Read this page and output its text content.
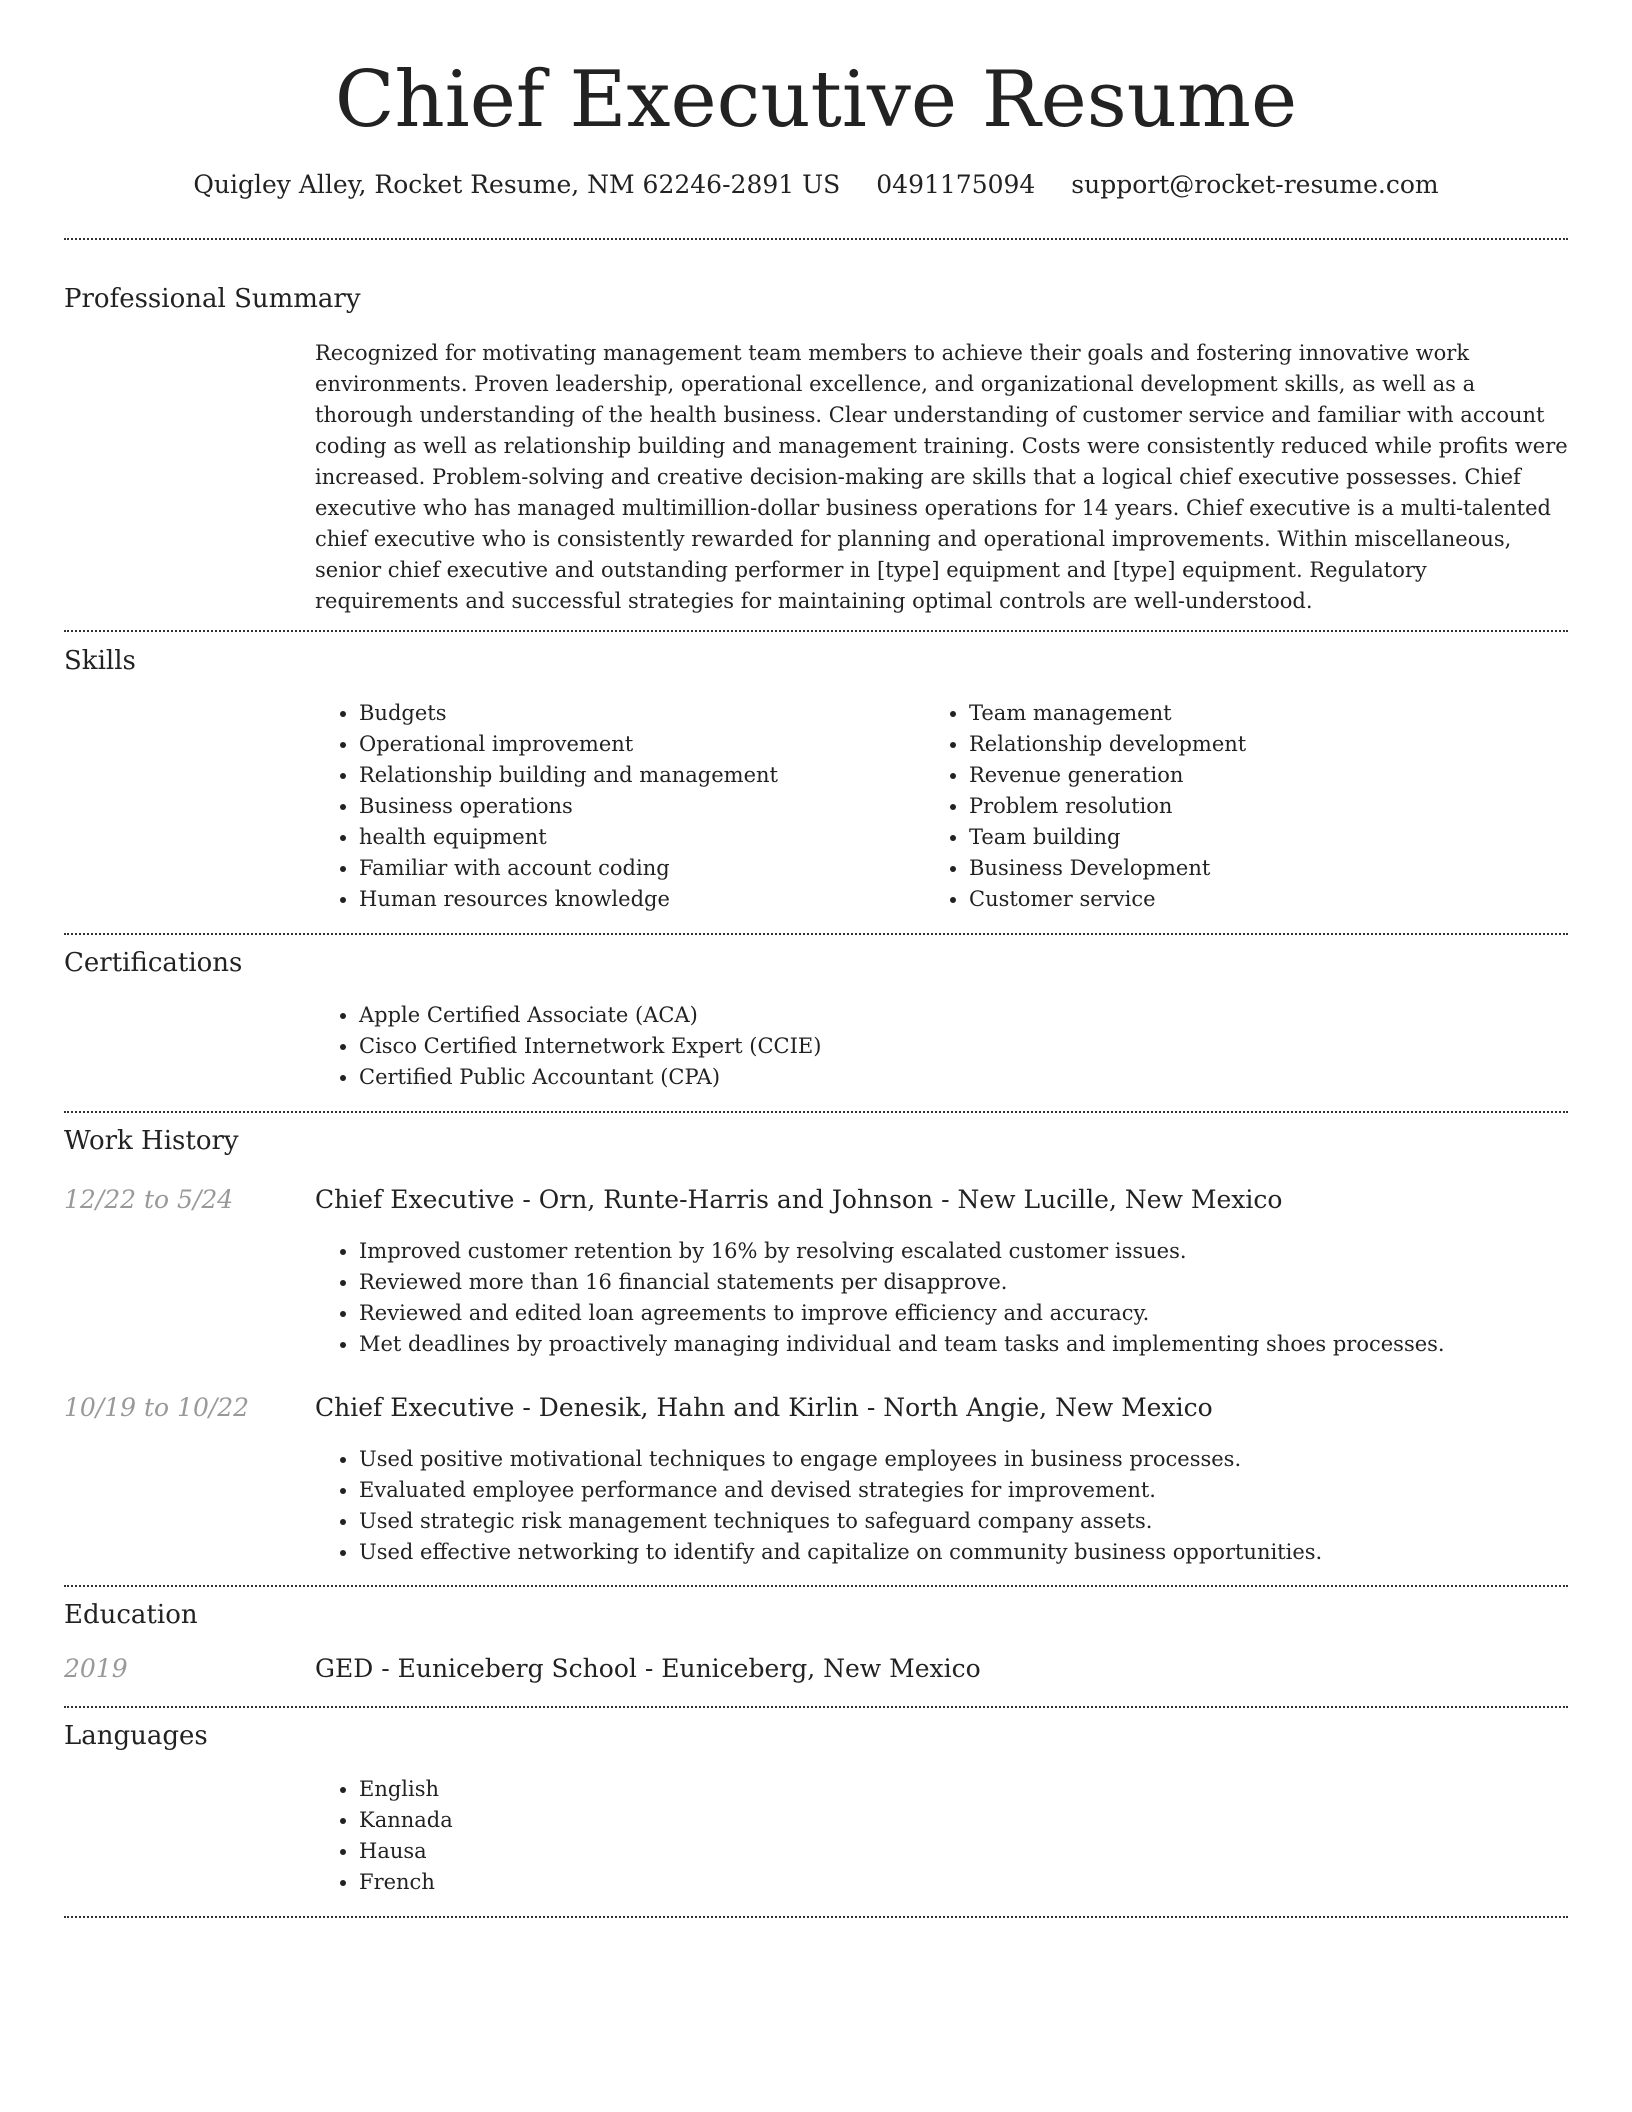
Chief Executive Resume
Quigley Alley, Rocket Resume, NM 62246-2891 US 0491175094 support@rocket-resume.com
Professional Summary
Recognized for motivating management team members to achieve their goals and fostering innovative work environments. Proven leadership, operational excellence, and organizational development skills, as well as a thorough understanding of the health business. Clear understanding of customer service and familiar with account coding as well as relationship building and management training. Costs were consistently reduced while profits were increased. Problem-solving and creative decision-making are skills that a logical chief executive possesses. Chief executive who has managed multimillion-dollar business operations for 14 years. Chief executive is a multi-talented chief executive who is consistently rewarded for planning and operational improvements. Within miscellaneous, senior chief executive and outstanding performer in [type] equipment and [type] equipment. Regulatory requirements and successful strategies for maintaining optimal controls are well-understood.
Skills
• Budgets
• Operational improvement
• Relationship building and management
• Business operations
• health equipment
• Familiar with account coding
• Human resources knowledge
• Team management
• Relationship development
• Revenue generation
• Problem resolution
• Team building
• Business Development
• Customer service
Certifications
• Apple Certified Associate (ACA)
• Cisco Certified Internetwork Expert (CCIE)
• Certified Public Accountant (CPA)
Work History
12/22 to 5/24	Chief Executive - Orn, Runte-Harris and Johnson - New Lucille, New Mexico
• Improved customer retention by 16% by resolving escalated customer issues.
• Reviewed more than 16 financial statements per disapprove.
• Reviewed and edited loan agreements to improve efficiency and accuracy.
• Met deadlines by proactively managing individual and team tasks and implementing shoes processes.
10/19 to 10/22	Chief Executive - Denesik, Hahn and Kirlin - North Angie, New Mexico
• Used positive motivational techniques to engage employees in business processes.
• Evaluated employee performance and devised strategies for improvement.
• Used strategic risk management techniques to safeguard company assets.
• Used effective networking to identify and capitalize on community business opportunities.
Education
2019	GED - Euniceberg School - Euniceberg, New Mexico
Languages
• English
• Kannada
• Hausa
• French
